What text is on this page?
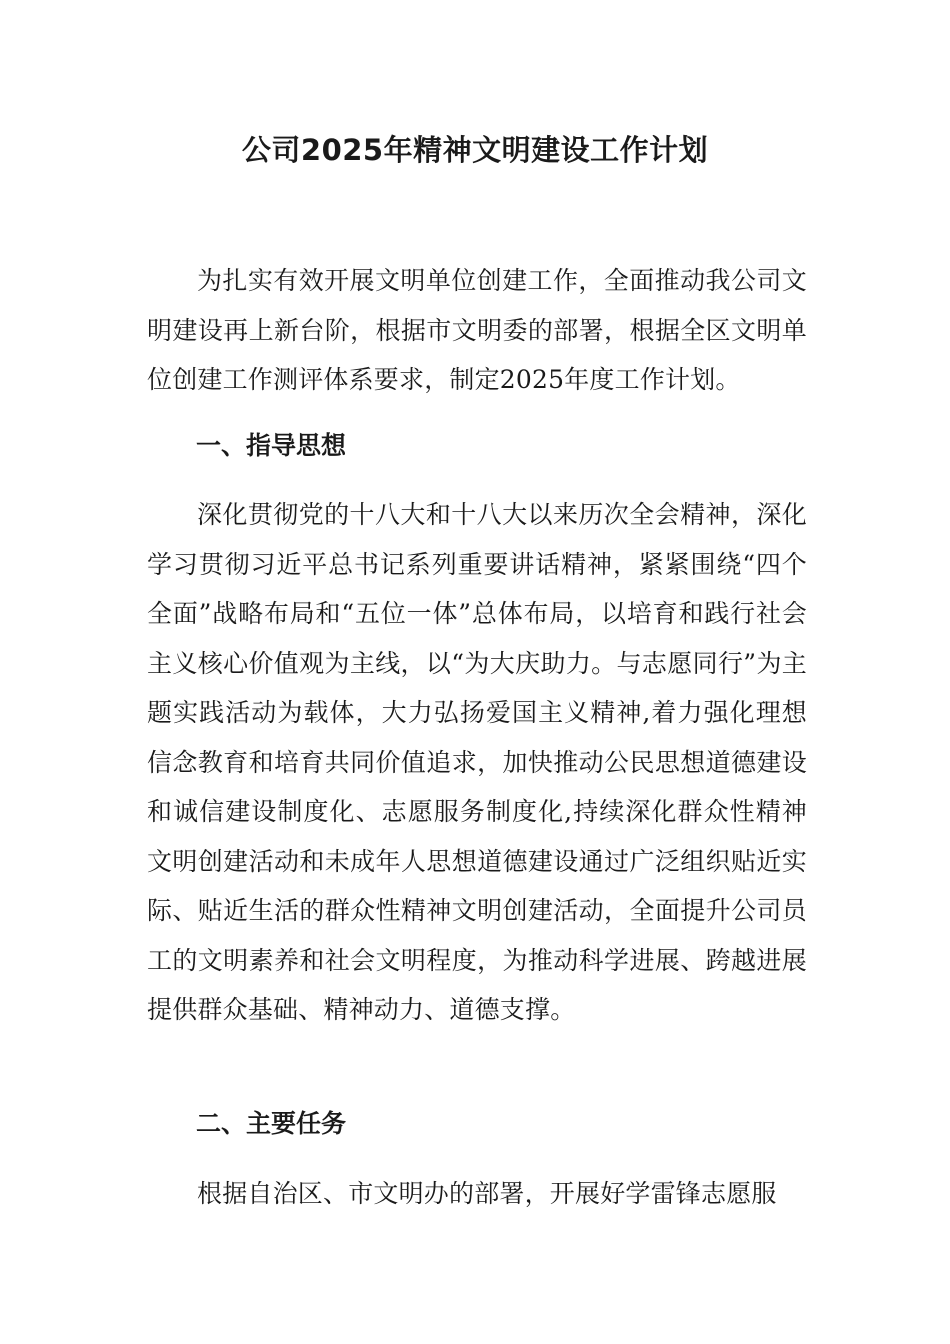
公司2025年精神文明建设工作计划

为扎实有效开展文明单位创建工作，全面推动我公司文明建设再上新台阶，根据市文明委的部署，根据全区文明单位创建工作测评体系要求，制定2025年度工作计划。

一、指导思想

深化贯彻党的十八大和十八大以来历次全会精神，深化学习贯彻习近平总书记系列重要讲话精神，紧紧围绕“四个全面”战略布局和“五位一体”总体布局，以培育和践行社会主义核心价值观为主线，以“为大庆助力。与志愿同行”为主题实践活动为载体，大力弘扬爱国主义精神,着力强化理想信念教育和培育共同价值追求，加快推动公民思想道德建设和诚信建设制度化、志愿服务制度化,持续深化群众性精神文明创建活动和未成年人思想道德建设通过广泛组织贴近实际、贴近生活的群众性精神文明创建活动，全面提升公司员工的文明素养和社会文明程度，为推动科学进展、跨越进展提供群众基础、精神动力、道德支撑。

二、主要任务

根据自治区、市文明办的部署，开展好学雷锋志愿服
